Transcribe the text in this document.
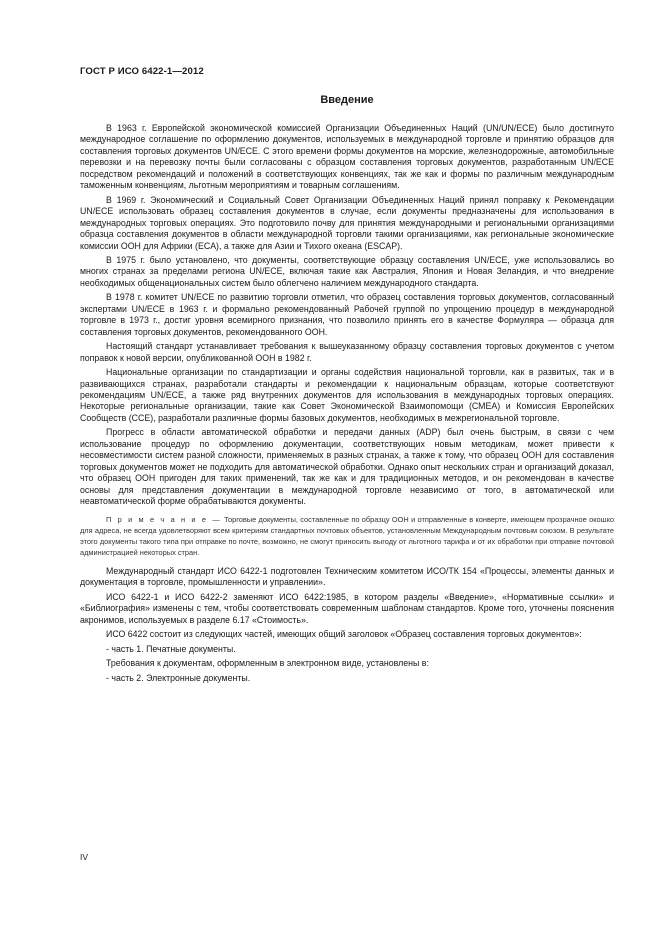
ГОСТ Р ИСО 6422-1—2012
Введение

В 1963 г. Европейской экономической комиссией Организации Объединенных Наций (UN/UN/ECE) было достигнуто международное соглашение по оформлению документов, используемых в международной торговле и принятию образцов для составления торговых документов UN/ECE. С этого времени формы документов на морские, железнодорожные, автомобильные перевозки и на перевозку почты были согласованы с образцом составления торговых документов, разработанным UN/ECE посредством рекомендаций и положений в соответствующих конвенциях, так же как и формы по различным международным таможенным конвенциям, льготным мероприятиям и товарным соглашениям.

В 1969 г. Экономический и Социальный Совет Организации Объединенных Наций принял поправку к Рекомендации UN/ECE использовать образец составления документов в случае, если документы предназначены для использования в международных торговых операциях. Это подготовило почву для принятия международными и региональными организациями образца составления документов в области международной торговли такими организациями, как региональные экономические комиссии ООН для Африки (ECA), а также для Азии и Тихого океана (ESCAP).

В 1975 г. было установлено, что документы, соответствующие образцу составления UN/ECE, уже использовались во многих странах за пределами региона UN/ECE, включая такие как Австралия, Япония и Новая Зеландия, и что внедрение необходимых общенациональных систем было облегчено наличием международного стандарта.

В 1978 г. комитет UN/ECE по развитию торговли отметил, что образец составления торговых документов, согласованный экспертами UN/ECE в 1963 г. и формально рекомендованный Рабочей группой по упрощению процедур в международной торговле в 1973 г., достиг уровня всемирного признания, что позволило принять его в качестве Формуляра — образца для составления торговых документов, рекомендованного ООН.

Настоящий стандарт устанавливает требования к вышеуказанному образцу составления торговых документов с учетом поправок к новой версии, опубликованной ООН в 1982 г.

Национальные организации по стандартизации и органы содействия национальной торговли, как в развитых, так и в развивающихся странах, разработали стандарты и рекомендации к национальным образцам, которые соответствуют рекомендациям UN/ECE, а также ряд внутренних документов для использования в международных торговых операциях. Некоторые региональные организации, такие как Совет Экономической Взаимопомощи (СМЕА) и Комиссия Европейских Сообществ (CCE), разработали различные формы базовых документов, необходимых в межрегиональной торговле.

Прогресс в области автоматической обработки и передачи данных (ADP) был очень быстрым, в связи с чем использование процедур по оформлению документации, соответствующих новым методикам, может привести к несовместимости систем разной сложности, применяемых в разных странах, а также к тому, что образец ООН для составления торговых документов может не подходить для автоматической обработки. Однако опыт нескольких стран и организаций доказал, что образец ООН пригоден для таких применений, так же как и для традиционных методов, и он рекомендован в качестве основы для представления документации в международной торговле независимо от того, в автоматической или неавтоматической форме обрабатываются документы.

П р и м е ч а н и е — Торговые документы, составленные по образцу ООН и отправленные в конверте, имеющем прозрачное окошко для адреса, не всегда удовлетворяют всем критериям стандартных почтовых объектов, установленным Международным почтовым союзом. В результате этого документы такого типа при отправке по почте, возможно, не смогут приносить выгоду от льготного тарифа и от их обработки при отправке почтовой администрацией некоторых стран.

Международный стандарт ИСО 6422-1 подготовлен Техническим комитетом ИСО/ТК 154 «Процессы, элементы данных и документация в торговле, промышленности и управлении».

ИСО 6422-1 и ИСО 6422-2 заменяют ИСО 6422:1985, в котором разделы «Введение», «Нормативные ссылки» и «Библиография» изменены с тем, чтобы соответствовать современным шаблонам стандартов. Кроме того, уточнены пояснения акронимов, используемых в разделе 6.17 «Стоимость».

ИСО 6422 состоит из следующих частей, имеющих общий заголовок «Образец составления торговых документов»:

- часть 1. Печатные документы.

Требования к документам, оформленным в электронном виде, установлены в:

- часть 2. Электронные документы.

IV
